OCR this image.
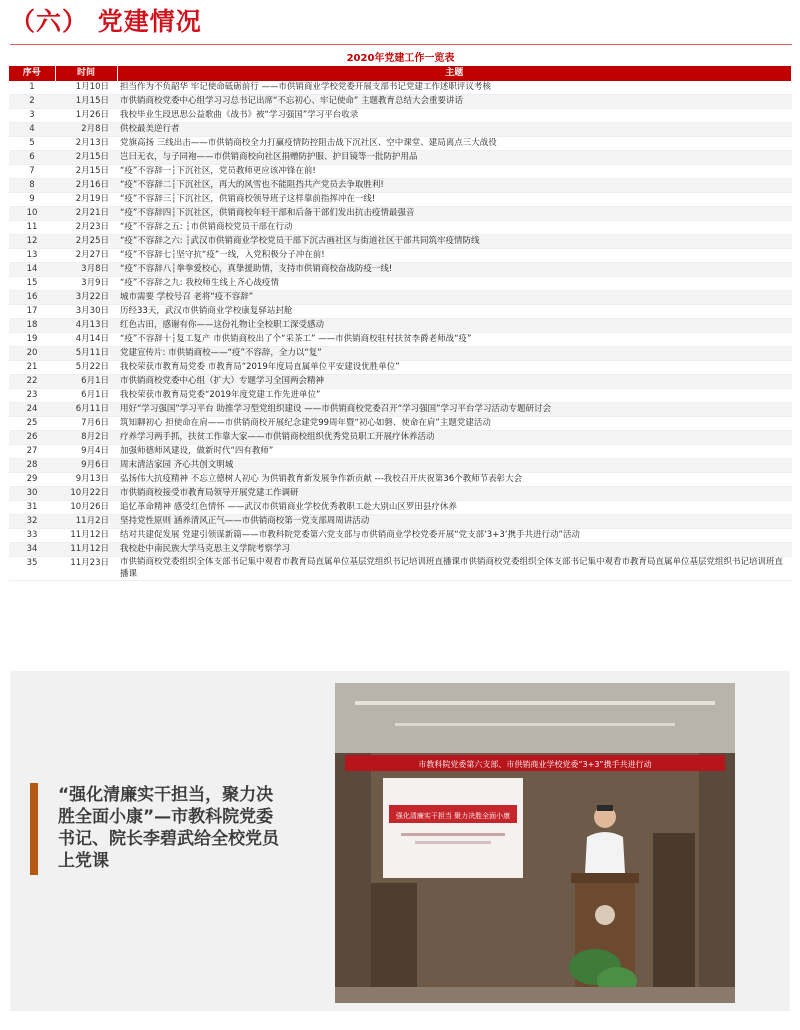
（六） 党建情况
2020年党建工作一览表
序号	时间	主题
1	1月10日	担当作为不负韶华 牢记使命砥砺前行 ——市供销商业学校党委开展支部书记党建工作述职评议考核
2	1月15日	市供销商校党委中心组学习习总书记出席“不忘初心、牢记使命” 主题教育总结大会重要讲话
3	1月26日	我校毕业生段思思公益歌曲《战书》被“学习强国”学习平台收录
4	2月8日	供校最美逆行者
5	2月13日	党旗高扬 三线出击——市供销商校全力打赢疫情防控阻击战下沉社区、空中课堂、建局离点三大战役
6	2月15日	岂曰无衣，与子同袍——市供销商校向社区捐赠防护服、护目镜等一批防护用品
7	2月15日	“疫”不容辞一┆下沉社区，党员教师更应该冲锋在前!
8	2月16日	“疫”不容辞二┆下沉社区，再大的风雪也不能阻挡共产党员去争取胜利!
9	2月19日	“疫”不容辞三┆下沉社区，供销商校领导班子这样靠前指挥冲在一线!
10	2月21日	“疫”不容辞四┆下沉社区，供销商校年轻干部和后备干部们发出抗击疫情最强音
11	2月23日	“疫”不容辞之五: ┆市供销商校党员干部在行动
12	2月25日	“疫”不容辞之六: ┆武汉市供销商业学校党员干部下沉古画社区与街道社区干部共同筑牢疫情防线
13	2月27日	“疫”不容辞七┆坚守抗“疫”一线，入党积极分子冲在前!
14	3月8日	“疫”不容辞八┆拳拳爱校心，真挚援助情，支持市供销商校奋战防疫一线!
15	3月9日	“疫”不容辞之九: 我校师生线上齐心战疫情
16	3月22日	城市需要 学校号召 老将“疫不容辞”
17	3月30日	历经33天，武汉市供销商业学校康复驿站封舱
18	4月13日	红色古田，感谢有你——这份礼物让全校职工深受感动
19	4月14日	“疫”不容辞十┆复工复产 市供销商校出了个“采茶工” ——市供销商校驻村扶贫李爵老师战“疫”
20	5月11日	党建宣传片: 市供销商校——“疫”不容辞，全力以“复”
21	5月22日	我校荣获市教育局党委 市教育局“2019年度局直属单位平安建设优胜单位”
22	6月1日	市供销商校党委中心组（扩大）专题学习全国两会精神
23	6月1日	我校荣获市教育局党委“2019年度党建工作先进单位”
24	6月11日	用好“学习强国”学习平台 助推学习型党组织建设 ——市供销商校党委召开“学习强国”学习平台学习活动专题研讨会
25	7月6日	筑知聊初心 担使命在肩——市供销商校开展纪念建党99周年暨“初心如磐、使命在肩”主题党建活动
26	8月2日	疗养学习两手抓，扶贫工作靠大家——市供销商校组织优秀党员职工开展疗休养活动
27	9月4日	加强师德师风建设，做新时代“四有教师”
28	9月6日	周末清洁家园 齐心共创文明城
29	9月13日	弘扬伟大抗疫精神 不忘立德树人初心 为供销教育新发展争作新贡献 ---我校召开庆祝第36个教师节表彰大会
30	10月22日	市供销商校接受市教育局领导开展党建工作调研
31	10月26日	追忆革命精神 感受红色情怀 ——武汉市供销商业学校优秀教职工赴大别山区罗田县疗休养
32	11月2日	坚持党性原则 涵养清风正气——市供销商校第一党支部周周讲活动
33	11月12日	结对共建促发展 党建引领谋新篇——市教科院党委第六党支部与市供销商业学校党委开展“党支部‘3+3’携手共进行动”活动
34	11月12日	我校赴中南民族大学马克思主义学院考察学习
35	11月23日	市供销商校党委组织全体支部书记集中观看市教育局直属单位基层党组织书记培训班直播课市供销商校党委组织全体支部书记集中观看市教育局直属单位基层党组织书记培训班直播课
“强化清廉实干担当，聚力决胜全面小康”—市教科院党委书记、院长李碧武给全校党员上党课
市教科院党委第六支部、市供销商业学校党委“3+3”携手共进行动
强化清廉实干担当 聚力决胜全面小康
